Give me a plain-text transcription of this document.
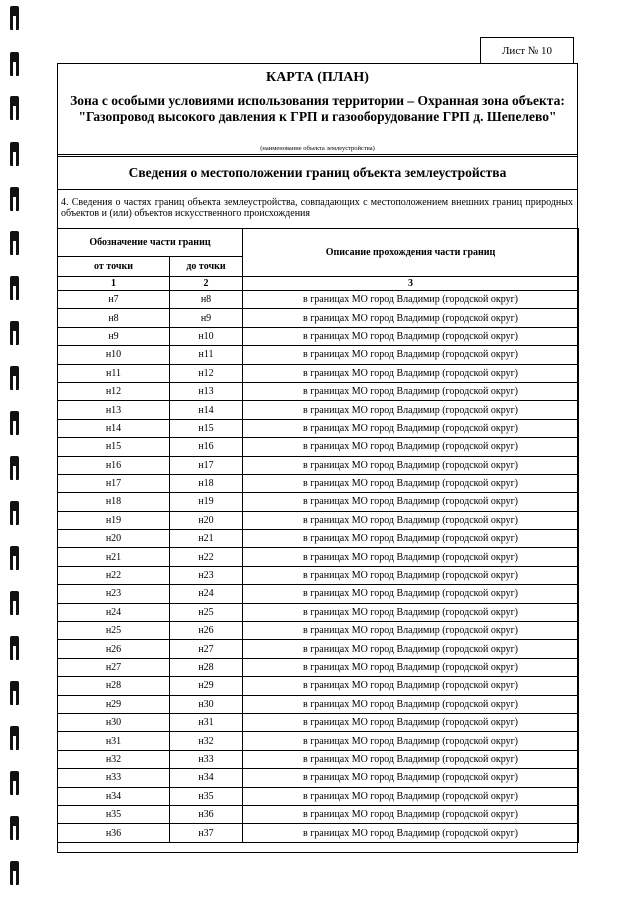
Лист № 10
КАРТА (ПЛАН)
Зона с особыми условиями использования территории – Охранная зона объекта: "Газопровод высокого давления к ГРП и газооборудование ГРП д. Шепелево"
(наименование объекта землеустройства)
Сведения о местоположении границ объекта землеустройства
4. Сведения о частях границ объекта землеустройства, совпадающих с местоположением внешних границ природных объектов и (или) объектов искусственного происхождения
Обозначение части границ		Описание прохождения части границ
от точки	до точки	
1	2	3
н7	н8	в границах МО город Владимир (городской округ)
н8	н9	в границах МО город Владимир (городской округ)
н9	н10	в границах МО город Владимир (городской округ)
н10	н11	в границах МО город Владимир (городской округ)
н11	н12	в границах МО город Владимир (городской округ)
н12	н13	в границах МО город Владимир (городской округ)
н13	н14	в границах МО город Владимир (городской округ)
н14	н15	в границах МО город Владимир (городской округ)
н15	н16	в границах МО город Владимир (городской округ)
н16	н17	в границах МО город Владимир (городской округ)
н17	н18	в границах МО город Владимир (городской округ)
н18	н19	в границах МО город Владимир (городской округ)
н19	н20	в границах МО город Владимир (городской округ)
н20	н21	в границах МО город Владимир (городской округ)
н21	н22	в границах МО город Владимир (городской округ)
н22	н23	в границах МО город Владимир (городской округ)
н23	н24	в границах МО город Владимир (городской округ)
н24	н25	в границах МО город Владимир (городской округ)
н25	н26	в границах МО город Владимир (городской округ)
н26	н27	в границах МО город Владимир (городской округ)
н27	н28	в границах МО город Владимир (городской округ)
н28	н29	в границах МО город Владимир (городской округ)
н29	н30	в границах МО город Владимир (городской округ)
н30	н31	в границах МО город Владимир (городской округ)
н31	н32	в границах МО город Владимир (городской округ)
н32	н33	в границах МО город Владимир (городской округ)
н33	н34	в границах МО город Владимир (городской округ)
н34	н35	в границах МО город Владимир (городской округ)
н35	н36	в границах МО город Владимир (городской округ)
н36	н37	в границах МО город Владимир (городской округ)
